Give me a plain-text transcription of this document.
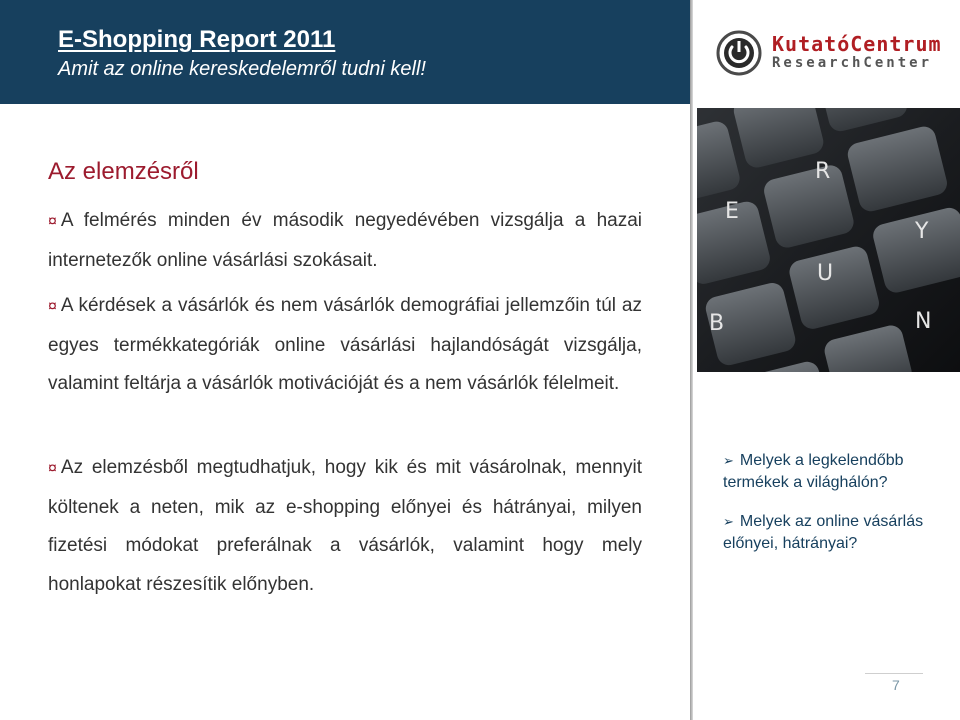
E-Shopping Report 2011
Amit az online kereskedelemről tudni kell!
KutatóCentrum
ResearchCenter
E
R
Y
U
B	N
Az elemzésről

¤ A felmérés minden év második negyedévében vizsgálja a hazai internetezők online vásárlási szokásait.

¤ A kérdések a vásárlók és nem vásárlók demográfiai jellemzőin túl az egyes termékkategóriák online vásárlási hajlandóságát vizsgálja, valamint feltárja a vásárlók motivációját és a nem vásárlók félelmeit.

¤ Az elemzésből megtudhatjuk, hogy kik és mit vásárolnak, mennyit költenek a neten, mik az e-shopping előnyei és hátrányai, milyen fizetési módokat preferálnak a vásárlók, valamint hogy mely honlapokat részesítik előnyben.

➢ Melyek a legkelendőbb termékek a világhálón?

➢ Melyek az online vásárlás előnyei, hátrányai?

7
